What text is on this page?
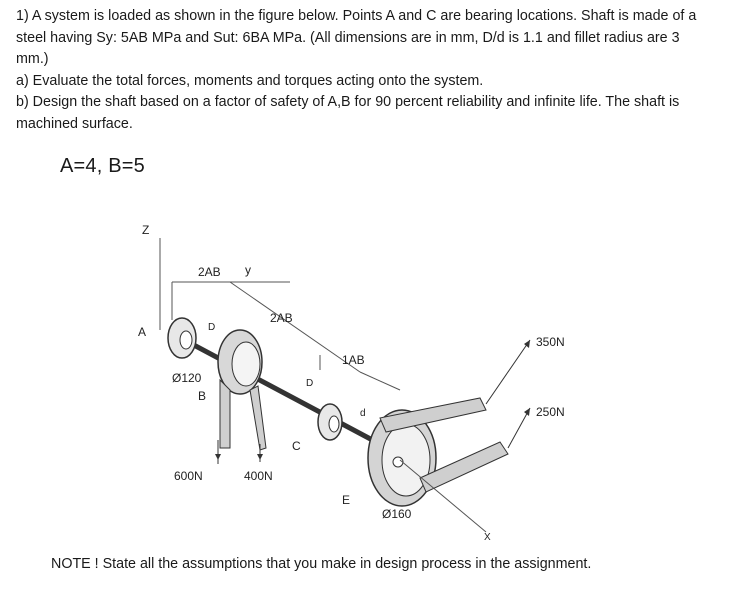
1) A system is loaded as shown in the figure below. Points A and C are bearing locations. Shaft is made of a

steel having Sy: 5AB MPa and Sut: 6BA MPa. (All dimensions are in mm, D/d is 1.1 and fillet radius are 3

mm.)

a) Evaluate the total forces, moments and torques acting onto the system.

b) Design the shaft based on a factor of safety of A,B for 90 percent reliability and infinite life. The shaft is

machined surface.

A=4, B=5
Z
2AB y
2AB
1AB
A	D
Ø120
B
600N	400N
C
D
d
E
Ø160
350N
250N
X
NOTE ! State all the assumptions that you make in design process in the assignment.
